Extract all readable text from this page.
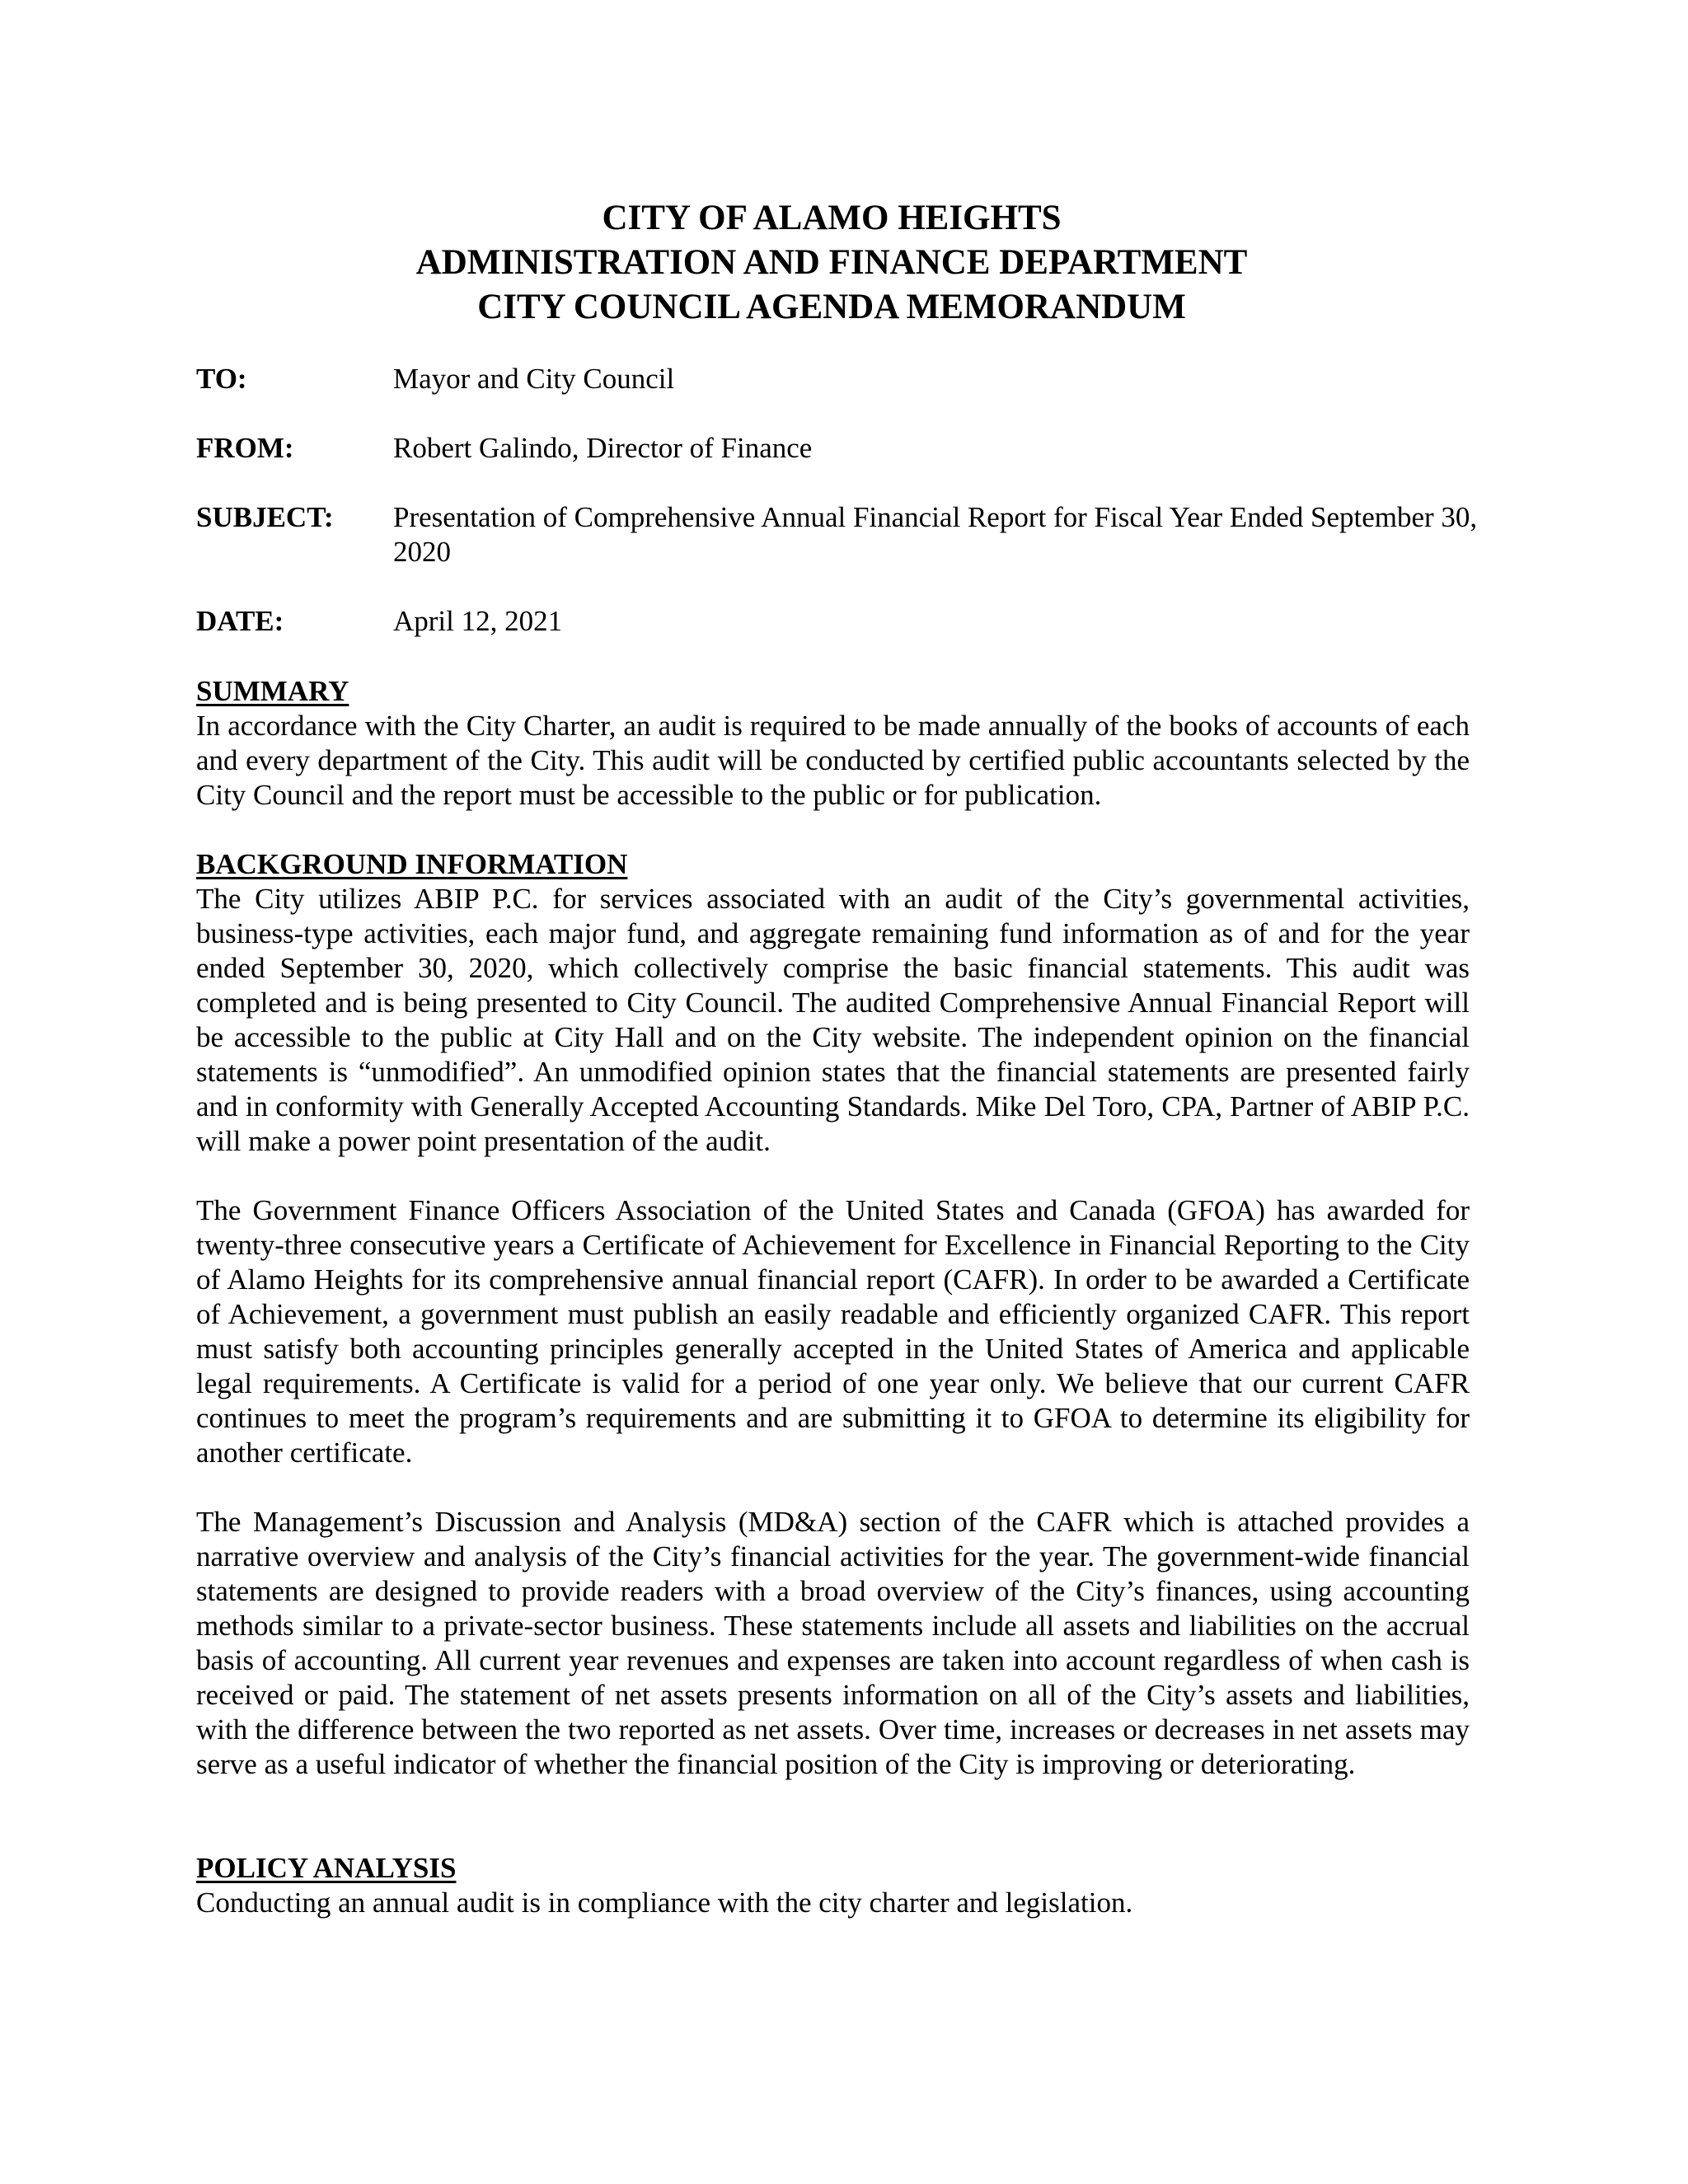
CITY OF ALAMO HEIGHTS
ADMINISTRATION AND FINANCE DEPARTMENT
CITY COUNCIL AGENDA MEMORANDUM
TO:	Mayor and City Council
FROM:	Robert Galindo, Director of Finance
SUBJECT: Presentation of Comprehensive Annual Financial Report for Fiscal Year Ended September 30, 2020
DATE:	April 12, 2021
SUMMARY
In accordance with the City Charter, an audit is required to be made annually of the books of accounts of each and every department of the City. This audit will be conducted by certified public accountants selected by the City Council and the report must be accessible to the public or for publication.
BACKGROUND INFORMATION
The City utilizes ABIP P.C. for services associated with an audit of the City’s governmental activities, business-type activities, each major fund, and aggregate remaining fund information as of and for the year ended September 30, 2020, which collectively comprise the basic financial statements. This audit was completed and is being presented to City Council. The audited Comprehensive Annual Financial Report will be accessible to the public at City Hall and on the City website. The independent opinion on the financial statements is “unmodified”. An unmodified opinion states that the financial statements are presented fairly and in conformity with Generally Accepted Accounting Standards. Mike Del Toro, CPA, Partner of ABIP P.C. will make a power point presentation of the audit.
The Government Finance Officers Association of the United States and Canada (GFOA) has awarded for twenty-three consecutive years a Certificate of Achievement for Excellence in Financial Reporting to the City of Alamo Heights for its comprehensive annual financial report (CAFR). In order to be awarded a Certificate of Achievement, a government must publish an easily readable and efficiently organized CAFR. This report must satisfy both accounting principles generally accepted in the United States of America and applicable legal requirements. A Certificate is valid for a period of one year only. We believe that our current CAFR continues to meet the program’s requirements and are submitting it to GFOA to determine its eligibility for another certificate.
The Management’s Discussion and Analysis (MD&A) section of the CAFR which is attached provides a narrative overview and analysis of the City’s financial activities for the year. The government-wide financial statements are designed to provide readers with a broad overview of the City’s finances, using accounting methods similar to a private-sector business. These statements include all assets and liabilities on the accrual basis of accounting. All current year revenues and expenses are taken into account regardless of when cash is received or paid. The statement of net assets presents information on all of the City’s assets and liabilities, with the difference between the two reported as net assets. Over time, increases or decreases in net assets may serve as a useful indicator of whether the financial position of the City is improving or deteriorating.
POLICY ANALYSIS
Conducting an annual audit is in compliance with the city charter and legislation.
